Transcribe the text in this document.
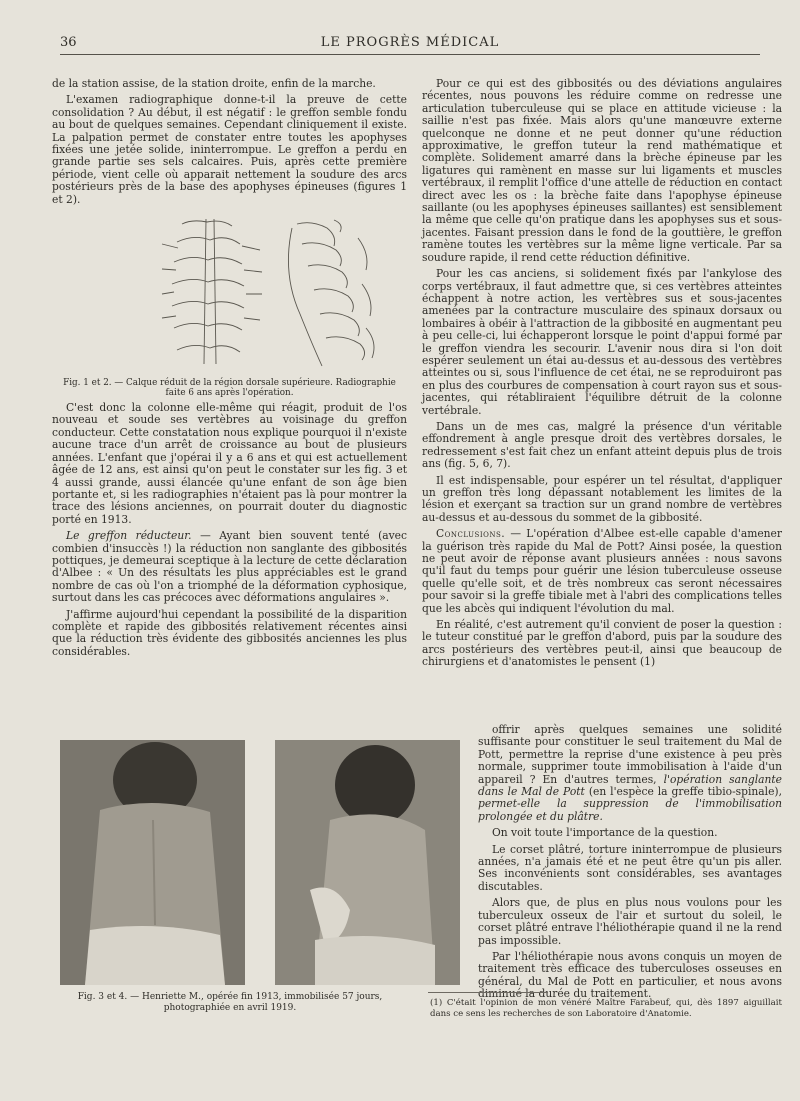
36	LE PROGRÈS MÉDICAL

de la station assise, de la station droite, enfin de la marche.

L'examen radiographique donne-t-il la preuve de cette consolidation ? Au début, il est négatif : le greffon semble fondu au bout de quelques semaines. Cependant cliniquement il existe. La palpation permet de constater entre toutes les apophyses fixées une jetée solide, ininterrompue. Le greffon a perdu en grande partie ses sels calcaires. Puis, après cette première période, vient celle où apparait nettement la soudure des arcs postérieurs près de la base des apophyses épineuses (figures 1 et 2).

Fig. 1 et 2. — Calque réduit de la région dorsale supérieure. Radiographie faite 6 ans après l'opération.

C'est donc la colonne elle-même qui réagit, produit de l'os nouveau et soude ses vertèbres au voisinage du greffon conducteur. Cette constatation nous explique pourquoi il n'existe aucune trace d'un arrêt de croissance au bout de plusieurs années. L'enfant que j'opérai il y a 6 ans et qui est actuellement âgée de 12 ans, est ainsi qu'on peut le constater sur les fig. 3 et 4 aussi grande, aussi élancée qu'une enfant de son âge bien portante et, si les radiographies n'étaient pas là pour montrer la trace des lésions anciennes, on pourrait douter du diagnostic porté en 1913.

Le greffon réducteur. — Ayant bien souvent tenté (avec combien d'insuccès !) la réduction non sanglante des gibbosités pottiques, je demeurai sceptique à la lecture de cette déclaration d'Albee : « Un des résultats les plus appréciables est le grand nombre de cas où l'on a triomphé de la déformation cyphosique, surtout dans les cas précoces avec déformations angulaires ».

J'affirme aujourd'hui cependant la possibilité de la disparition complète et rapide des gibbosités relativement récentes ainsi que la réduction très évidente des gibbosités anciennes les plus considérables.

Fig. 3 et 4. — Henriette M., opérée fin 1913, immobilisée 57 jours, photographiée en avril 1919.

Pour ce qui est des gibbosités ou des déviations angulaires récentes, nous pouvons les réduire comme on redresse une articulation tuberculeuse qui se place en attitude vicieuse : la saillie n'est pas fixée. Mais alors qu'une manœuvre externe quelconque ne donne et ne peut donner qu'une réduction approximative, le greffon tuteur la rend mathématique et complète. Solidement amarré dans la brèche épineuse par les ligatures qui ramènent en masse sur lui ligaments et muscles vertébraux, il remplit l'office d'une attelle de réduction en contact direct avec les os : la brèche faite dans l'apophyse épineuse saillante (ou les apophyses épineuses saillantes) est sensiblement la même que celle qu'on pratique dans les apophyses sus et sous-jacentes. Faisant pression dans le fond de la gouttière, le greffon ramène toutes les vertèbres sur la même ligne verticale. Par sa soudure rapide, il rend cette réduction définitive.

Pour les cas anciens, si solidement fixés par l'ankylose des corps vertébraux, il faut admettre que, si ces vertèbres atteintes échappent à notre action, les vertèbres sus et sous-jacentes amenées par la contracture musculaire des spinaux dorsaux ou lombaires à obéir à l'attraction de la gibbosité en augmentant peu à peu celle-ci, lui échapperont lorsque le point d'appui formé par le greffon viendra les secourir. L'avenir nous dira si l'on doit espérer seulement un étai au-dessus et au-dessous des vertèbres atteintes ou si, sous l'influence de cet étai, ne se reproduiront pas en plus des courbures de compensation à court rayon sus et sous-jacentes, qui rétabliraient l'équilibre détruit de la colonne vertébrale.

Dans un de mes cas, malgré la présence d'un véritable effondrement à angle presque droit des vertèbres dorsales, le redressement s'est fait chez un enfant atteint depuis plus de trois ans (fig. 5, 6, 7).

Il est indispensable, pour espérer un tel résultat, d'appliquer un greffon très long dépassant notablement les limites de la lésion et exerçant sa traction sur un grand nombre de vertèbres au-dessus et au-dessous du sommet de la gibbosité.

Conclusions. — L'opération d'Albee est-elle capable d'amener la guérison très rapide du Mal de Pott? Ainsi posée, la question ne peut avoir de réponse avant plusieurs années : nous savons qu'il faut du temps pour guérir une lésion tuberculeuse osseuse quelle qu'elle soit, et de très nombreux cas seront nécessaires pour savoir si la greffe tibiale met à l'abri des complications telles que les abcès qui indiquent l'évolution du mal.

En réalité, c'est autrement qu'il convient de poser la question : le tuteur constitué par le greffon d'abord, puis par la soudure des arcs postérieurs des vertèbres peut-il, ainsi que beaucoup de chirurgiens et d'anatomistes le pensent (1)

offrir après quelques semaines une solidité suffisante pour constituer le seul traitement du Mal de Pott, permettre la reprise d'une existence à peu près normale, supprimer toute immobilisation à l'aide d'un appareil ? En d'autres termes, l'opération sanglante dans le Mal de Pott (en l'espèce la greffe tibio-spinale), permet-elle la suppression de l'immobilisation prolongée et du plâtre.

On voit toute l'importance de la question.

Le corset plâtré, torture ininterrompue de plusieurs années, n'a jamais été et ne peut être qu'un pis aller. Ses inconvénients sont considérables, ses avantages discutables.

Alors que, de plus en plus nous voulons pour les tuberculeux osseux de l'air et surtout du soleil, le corset plâtré entrave l'héliothérapie quand il ne la rend pas impossible.

Par l'héliothérapie nous avons conquis un moyen de traitement très efficace des tuberculoses osseuses en général, du Mal de Pott en particulier, et nous avons diminué la durée du traitement.

(1) C'était l'opinion de mon vénéré Maître Farabeuf, qui, dès 1897 aiguillait dans ce sens les recherches de son Laboratoire d'Anatomie.
